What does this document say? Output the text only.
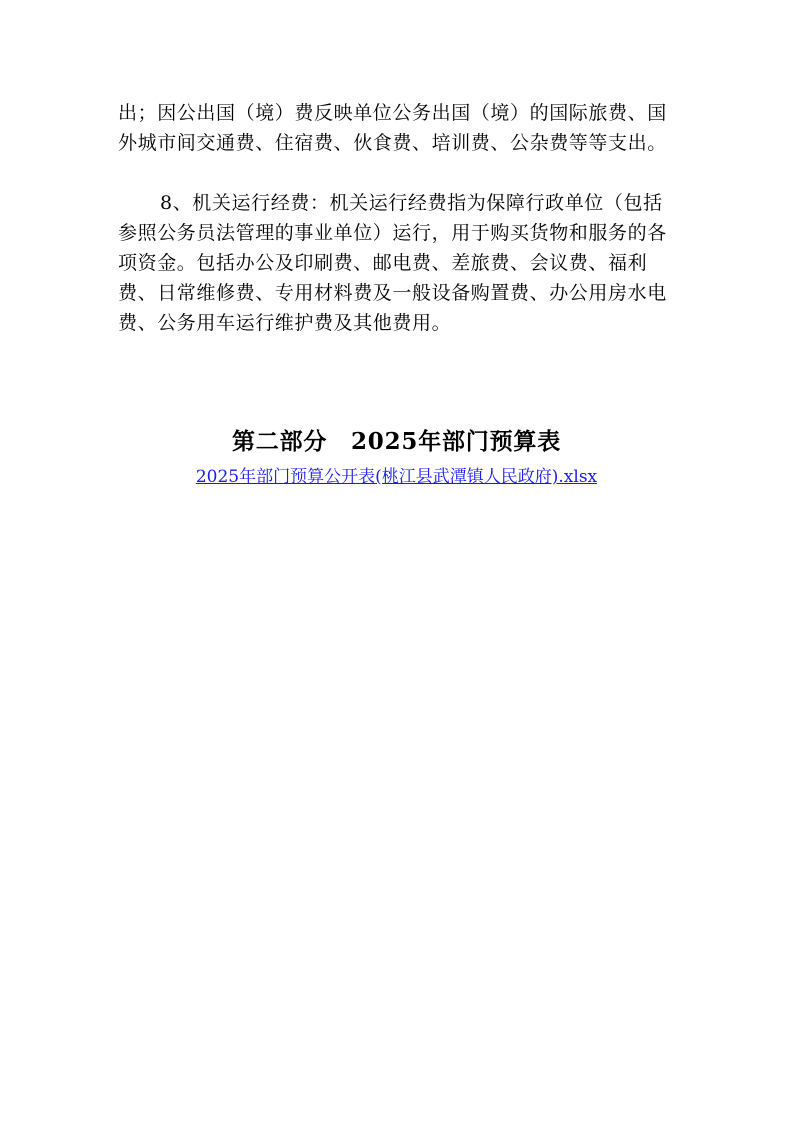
出；因公出国（境）费反映单位公务出国（境）的国际旅费、国外城市间交通费、住宿费、伙食费、培训费、公杂费等等支出。

8、机关运行经费：机关运行经费指为保障行政单位（包括参照公务员法管理的事业单位）运行，用于购买货物和服务的各项资金。包括办公及印刷费、邮电费、差旅费、会议费、福利费、日常维修费、专用材料费及一般设备购置费、办公用房水电费、公务用车运行维护费及其他费用。

第二部分　2025年部门预算表
2025年部门预算公开表(桃江县武潭镇人民政府).xlsx
